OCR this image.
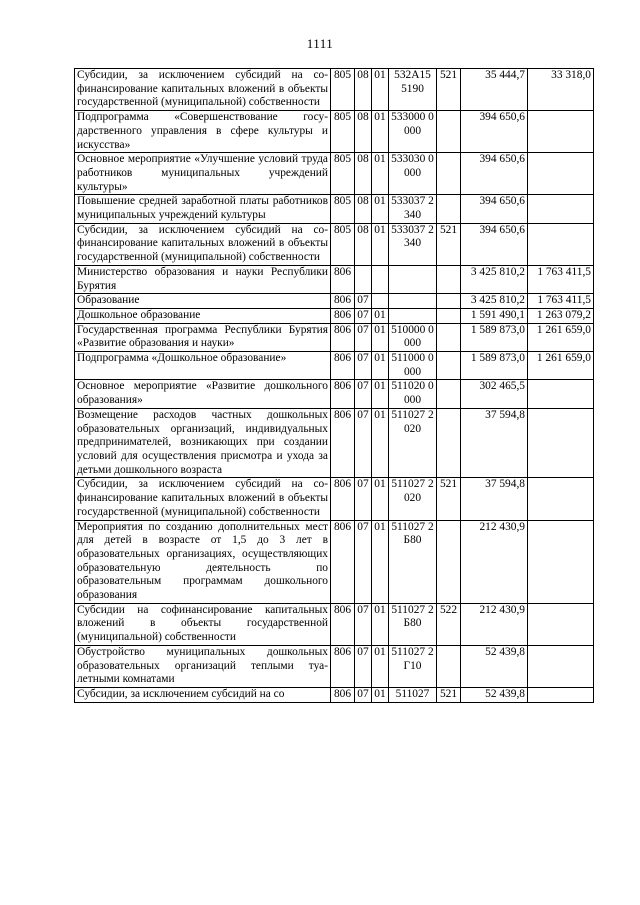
1111
Субсидии, за исключением субсидий на софинансирование капитальных вложений в объекты государственной (муниципальной) собственности	805	08	01	532А15 5190	521	35 444,7	33 318,0
Подпрограмма «Совершенствование государственного управления в сфере культуры и искусства»	805	08	01	533000 0000		394 650,6	
Основное мероприятие «Улучшение условий труда работников муниципальных учреждений культуры»	805	08	01	533030 0000		394 650,6	
Повышение средней заработной платы работников муниципальных учреждений культуры	805	08	01	533037 2340		394 650,6	
Субсидии, за исключением субсидий на софинансирование капитальных вложений в объекты государственной (муниципальной) собственности	805	08	01	533037 2340	521	394 650,6	
Министерство образования и науки Республики Бурятия	806					3 425 810,2	1 763 411,5
Образование	806	07				3 425 810,2	1 763 411,5
Дошкольное образование	806	07	01			1 591 490,1	1 263 079,2
Государственная программа Республики Бурятия «Развитие образования и науки»	806	07	01	510000 0000		1 589 873,0	1 261 659,0
Подпрограмма «Дошкольное образование»	806	07	01	511000 0000		1 589 873,0	1 261 659,0
Основное мероприятие «Развитие дошкольного образования»	806	07	01	511020 0000		302 465,5	
Возмещение расходов частных дошкольных образовательных организаций, индивидуальных предпринимателей, возникающих при создании условий для осуществления присмотра и ухода за детьми дошкольного возраста	806	07	01	511027 2020		37 594,8	
Субсидии, за исключением субсидий на софинансирование капитальных вложений в объекты государственной (муниципальной) собственности	806	07	01	511027 2020	521	37 594,8	
Мероприятия по созданию дополнительных мест для детей в возрасте от 1,5 до 3 лет в образовательных организациях, осуществляющих образовательную деятельность по образовательным программам дошкольного образования	806	07	01	511027 2Б80		212 430,9	
Субсидии на софинансирование капитальных вложений в объекты государственной (муниципальной) собственности	806	07	01	511027 2Б80	522	212 430,9	
Обустройство муниципальных дошкольных образовательных организаций теплыми туалетными комнатами	806	07	01	511027 2Г10		52 439,8	
Субсидии, за исключением субсидий на со	806	07	01	511027	521	52 439,8	
